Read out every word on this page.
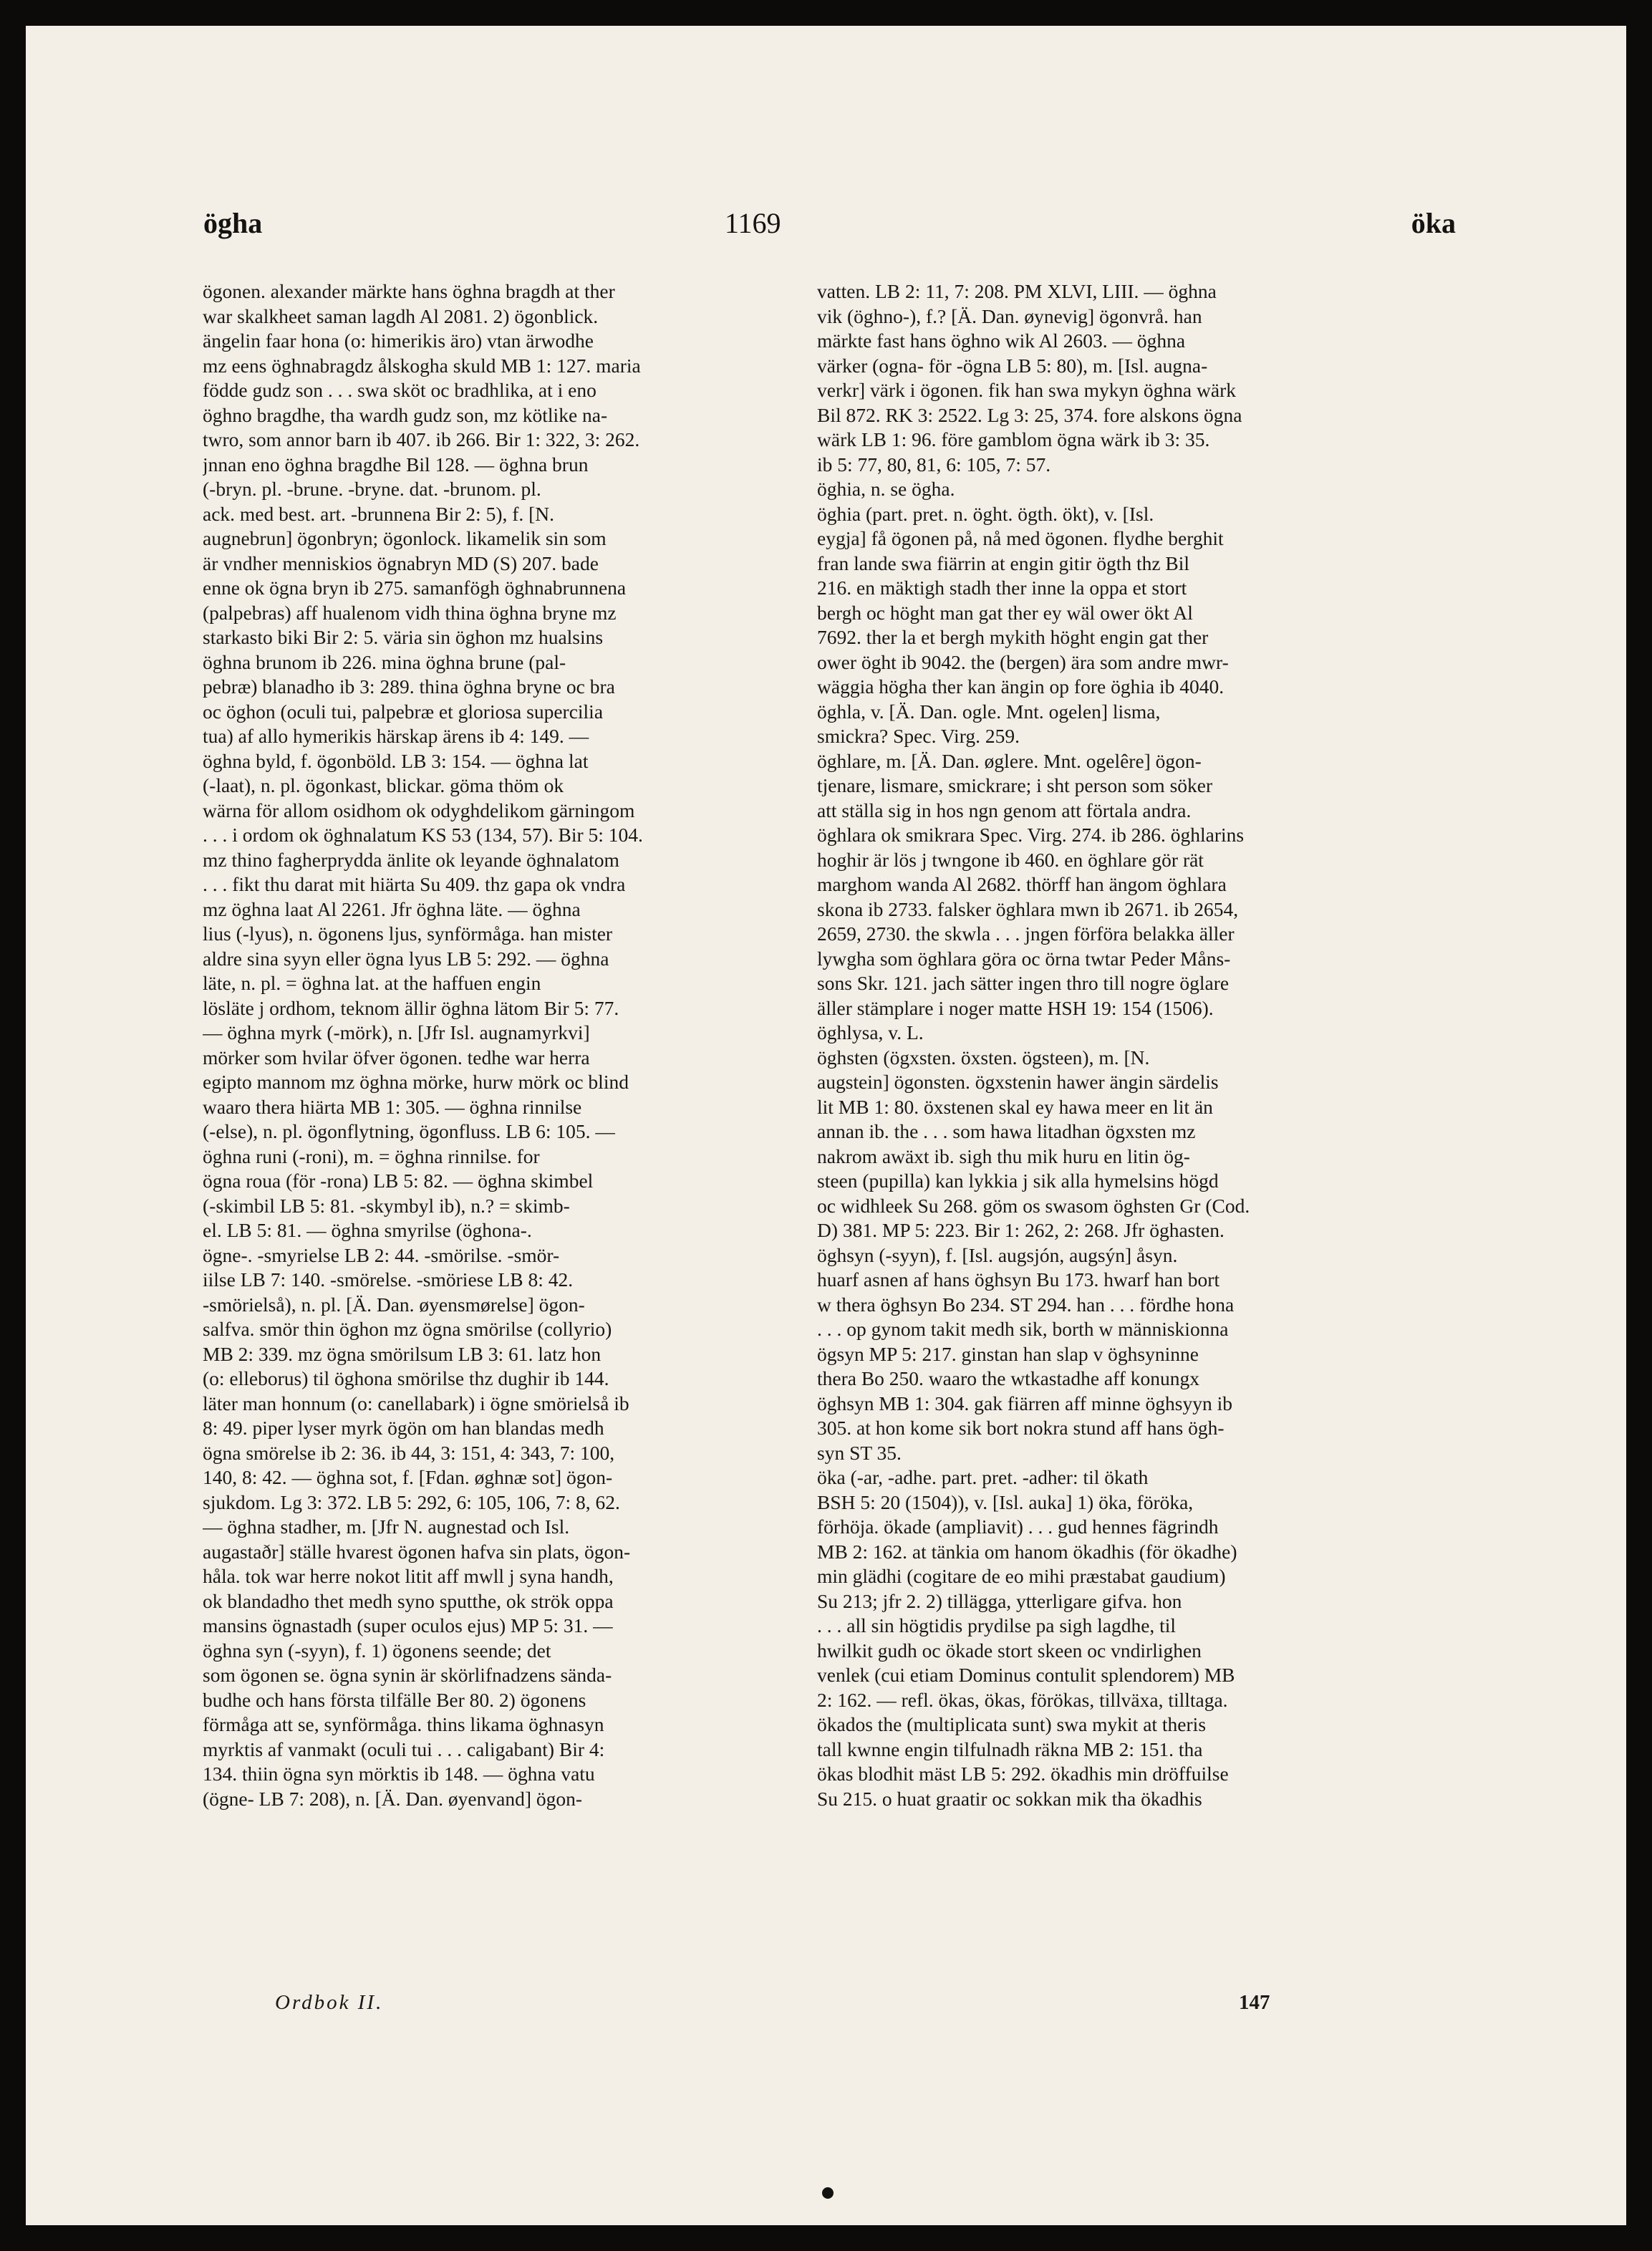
ögha	1169	öka
ögonen. alexander märkte hans öghna bragdh at ther
war skalkheet saman lagdh Al 2081. 2) ögonblick.
ängelin faar hona (o: himerikis äro) vtan ärwodhe
mz eens öghnabragdz ålskogha skuld MB 1: 127. maria
födde gudz son . . . swa sköt oc bradhlika, at i eno
öghno bragdhe, tha wardh gudz son, mz kötlike na-
twro, som annor barn ib 407. ib 266. Bir 1: 322, 3: 262.
jnnan eno öghna bragdhe Bil 128. — öghna brun
(-bryn. pl. -brune. -bryne. dat. -brunom. pl.
ack. med best. art. -brunnena Bir 2: 5), f. [N.
augnebrun] ögonbryn; ögonlock. likamelik sin som
är vndher menniskios ögnabryn MD (S) 207. bade
enne ok ögna bryn ib 275. samanfögh öghnabrunnena
(palpebras) aff hualenom vidh thina öghna bryne mz
starkasto biki Bir 2: 5. väria sin öghon mz hualsins
öghna brunom ib 226. mina öghna brune (pal-
pebræ) blanadho ib 3: 289. thina öghna bryne oc bra
oc öghon (oculi tui, palpebræ et gloriosa supercilia
tua) af allo hymerikis härskap ärens ib 4: 149. —
öghna byld, f. ögonböld. LB 3: 154. — öghna lat
(-laat), n. pl. ögonkast, blickar. göma thöm ok
wärna för allom osidhom ok odyghdelikom gärningom
. . . i ordom ok öghnalatum KS 53 (134, 57). Bir 5: 104.
mz thino fagherprydda änlite ok leyande öghnalatom
. . . fikt thu darat mit hiärta Su 409. thz gapa ok vndra
mz öghna laat Al 2261. Jfr öghna läte. — öghna
lius (-lyus), n. ögonens ljus, synförmåga. han mister
aldre sina syyn eller ögna lyus LB 5: 292. — öghna
läte, n. pl. = öghna lat. at the haffuen engin
lösläte j ordhom, teknom ällir öghna lätom Bir 5: 77.
— öghna myrk (-mörk), n. [Jfr Isl. augnamyrkvi]
mörker som hvilar öfver ögonen. tedhe war herra
egipto mannom mz öghna mörke, hurw mörk oc blind
waaro thera hiärta MB 1: 305. — öghna rinnilse
(-else), n. pl. ögonflytning, ögonfluss. LB 6: 105. —
öghna runi (-roni), m. = öghna rinnilse. for
ögna roua (för -rona) LB 5: 82. — öghna skimbel
(-skimbil LB 5: 81. -skymbyl ib), n.? = skimb-
el. LB 5: 81. — öghna smyrilse (öghona-.
ögne-. -smyrielse LB 2: 44. -smörilse. -smör-
iilse LB 7: 140. -smörelse. -smöriese LB 8: 42.
-smörielså), n. pl. [Ä. Dan. øyensmørelse] ögon-
salfva. smör thin öghon mz ögna smörilse (collyrio)
MB 2: 339. mz ögna smörilsum LB 3: 61. latz hon
(o: elleborus) til öghona smörilse thz dughir ib 144.
läter man honnum (o: canellabark) i ögne smörielså ib
8: 49. piper lyser myrk ögön om han blandas medh
ögna smörelse ib 2: 36. ib 44, 3: 151, 4: 343, 7: 100,
140, 8: 42. — öghna sot, f. [Fdan. øghnæ sot] ögon-
sjukdom. Lg 3: 372. LB 5: 292, 6: 105, 106, 7: 8, 62.
— öghna stadher, m. [Jfr N. augnestad och Isl.
augastaðr] ställe hvarest ögonen hafva sin plats, ögon-
håla. tok war herre nokot litit aff mwll j syna handh,
ok blandadho thet medh syno sputthe, ok strök oppa
mansins ögnastadh (super oculos ejus) MP 5: 31. —
öghna syn (-syyn), f. 1) ögonens seende; det
som ögonen se. ögna synin är skörlifnadzens sända-
budhe och hans första tilfälle Ber 80. 2) ögonens
förmåga att se, synförmåga. thins likama öghnasyn
myrktis af vanmakt (oculi tui . . . caligabant) Bir 4:
134. thiin ögna syn mörktis ib 148. — öghna vatu
(ögne- LB 7: 208), n. [Ä. Dan. øyenvand] ögon-
vatten. LB 2: 11, 7: 208. PM XLVI, LIII. — öghna
vik (öghno-), f.? [Ä. Dan. øynevig] ögonvrå. han
märkte fast hans öghno wik Al 2603. — öghna
värker (ogna- för -ögna LB 5: 80), m. [Isl. augna-
verkr] värk i ögonen. fik han swa mykyn öghna wärk
Bil 872. RK 3: 2522. Lg 3: 25, 374. fore alskons ögna
wärk LB 1: 96. före gamblom ögna wärk ib 3: 35.
ib 5: 77, 80, 81, 6: 105, 7: 57.
öghia, n. se ögha.
öghia (part. pret. n. öght. ögth. ökt), v. [Isl.
eygja] få ögonen på, nå med ögonen. flydhe berghit
fran lande swa fiärrin at engin gitir ögth thz Bil
216. en mäktigh stadh ther inne la oppa et stort
bergh oc höght man gat ther ey wäl ower ökt Al
7692. ther la et bergh mykith höght engin gat ther
ower öght ib 9042. the (bergen) ära som andre mwr-
wäggia högha ther kan ängin op fore öghia ib 4040.
öghla, v. [Ä. Dan. ogle. Mnt. ogelen] lisma,
smickra? Spec. Virg. 259.
öghlare, m. [Ä. Dan. øglere. Mnt. ogelêre] ögon-
tjenare, lismare, smickrare; i sht person som söker
att ställa sig in hos ngn genom att förtala andra.
öghlara ok smikrara Spec. Virg. 274. ib 286. öghlarins
hoghir är lös j twngone ib 460. en öghlare gör rät
marghom wanda Al 2682. thörff han ängom öghlara
skona ib 2733. falsker öghlara mwn ib 2671. ib 2654,
2659, 2730. the skwla . . . jngen förföra belakka äller
lywgha som öghlara göra oc örna twtar Peder Måns-
sons Skr. 121. jach sätter ingen thro till nogre öglare
äller stämplare i noger matte HSH 19: 154 (1506).
öghlysa, v. L.
öghsten (ögxsten. öxsten. ögsteen), m. [N.
augstein] ögonsten. ögxstenin hawer ängin särdelis
lit MB 1: 80. öxstenen skal ey hawa meer en lit än
annan ib. the . . . som hawa litadhan ögxsten mz
nakrom awäxt ib. sigh thu mik huru en litin ög-
steen (pupilla) kan lykkia j sik alla hymelsins högd
oc widhleek Su 268. göm os swasom öghsten Gr (Cod.
D) 381. MP 5: 223. Bir 1: 262, 2: 268. Jfr öghasten.
öghsyn (-syyn), f. [Isl. augsjón, augsýn] åsyn.
huarf asnen af hans öghsyn Bu 173. hwarf han bort
w thera öghsyn Bo 234. ST 294. han . . . fördhe hona
. . . op gynom takit medh sik, borth w människionna
ögsyn MP 5: 217. ginstan han slap v öghsyninne
thera Bo 250. waaro the wtkastadhe aff konungx
öghsyn MB 1: 304. gak fiärren aff minne öghsyyn ib
305. at hon kome sik bort nokra stund aff hans ögh-
syn ST 35.
öka (-ar, -adhe. part. pret. -adher: til ökath
BSH 5: 20 (1504)), v. [Isl. auka] 1) öka, föröka,
förhöja. ökade (ampliavit) . . . gud hennes fägrindh
MB 2: 162. at tänkia om hanom ökadhis (för ökadhe)
min glädhi (cogitare de eo mihi præstabat gaudium)
Su 213; jfr 2. 2) tillägga, ytterligare gifva. hon
. . . all sin högtidis prydilse pa sigh lagdhe, til
hwilkit gudh oc ökade stort skeen oc vndirlighen
venlek (cui etiam Dominus contulit splendorem) MB
2: 162. — refl. ökas, ökas, förökas, tillväxa, tilltaga.
ökados the (multiplicata sunt) swa mykit at theris
tall kwnne engin tilfulnadh räkna MB 2: 151. tha
ökas blodhit mäst LB 5: 292. ökadhis min dröffuilse
Su 215. o huat graatir oc sokkan mik tha ökadhis
Ordbok II.	147
